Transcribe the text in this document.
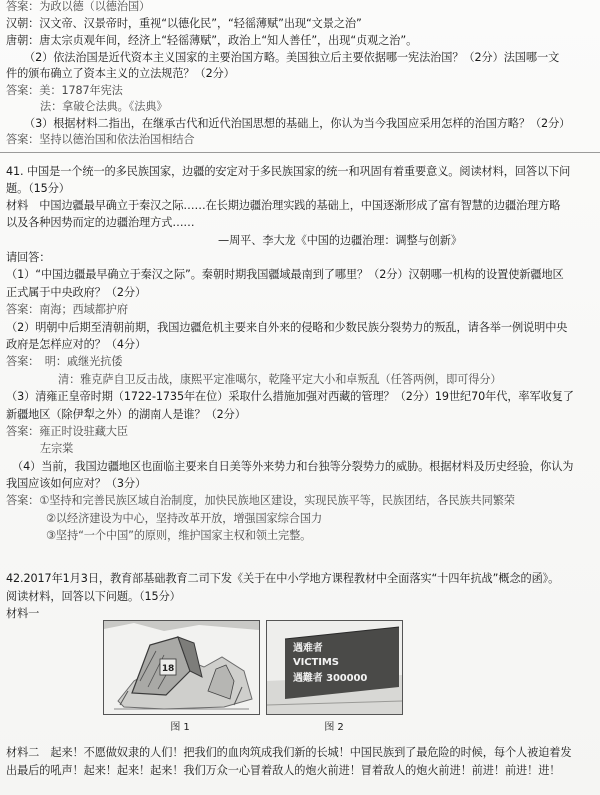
答案：为政以德（以德治国）
汉朝：汉文帝、汉景帝时，重视“以德化民”，“轻徭薄赋”出现“文景之治”
唐朝：唐太宗贞观年间，经济上“轻徭薄赋”，政治上“知人善任”，出现“贞观之治”。
（2）依法治国是近代资本主义国家的主要治国方略。美国独立后主要依据哪一宪法治国？（2分）法国哪一文
件的颁布确立了资本主义的立法规范？（2分）
答案：美：1787年宪法
法：拿破仑法典。《法典》
（3）根据材料二指出，在继承古代和近代治国思想的基础上，你认为当今我国应采用怎样的治国方略？（2分）
答案：坚持以德治国和依法治国相结合
41. 中国是一个统一的多民族国家，边疆的安定对于多民族国家的统一和巩固有着重要意义。阅读材料，回答以下问
题。（15分）
材料　中国边疆最早确立于秦汉之际……在长期边疆治理实践的基础上，中国逐渐形成了富有智慧的边疆治理方略
以及各种因势而定的边疆治理方式……
—周平、李大龙《中国的边疆治理：调整与创新》
请回答：
（1）“中国边疆最早确立于秦汉之际”。秦朝时期我国疆域最南到了哪里？（2分）汉朝哪一机构的设置使新疆地区
正式属于中央政府？（2分）
答案：南海；西域都护府
（2）明朝中后期至清朝前期，我国边疆危机主要来自外来的侵略和少数民族分裂势力的叛乱，请各举一例说明中央
政府是怎样应对的？（4分）
答案：　明：戚继光抗倭
清：雅克萨自卫反击战，康熙平定准噶尔，乾隆平定大小和卓叛乱（任答两例，即可得分）
（3）清雍正皇帝时期（1722-1735年在位）采取什么措施加强对西藏的管理？（2分）19世纪70年代，率军收复了
新疆地区（除伊犁之外）的湖南人是谁？（2分）
答案：雍正时设驻藏大臣
左宗棠
（4）当前，我国边疆地区也面临主要来自日美等外来势力和台独等分裂势力的威胁。根据材料及历史经验，你认为
我国应该如何应对？（3分）
答案：①坚持和完善民族区域自治制度，加快民族地区建设，实现民族平等，民族团结，各民族共同繁荣
②以经济建设为中心，坚持改革开放，增强国家综合国力
③坚持“一个中国”的原则，维护国家主权和领土完整。
42.2017年1月3日，教育部基础教育二司下发《关于在中小学地方课程教材中全面落实“十四年抗战”概念的函》。
阅读材料，回答以下问题。（15分）
材料一
18
图 1
遇难者
VICTIMS
遇難者 300000
图 2
材料二　起来！不愿做奴隶的人们！把我们的血肉筑成我们新的长城！中国民族到了最危险的时候，每个人被迫着发
出最后的吼声！起来！起来！起来！我们万众一心冒着敌人的炮火前进！冒着敌人的炮火前进！前进！前进！进！
